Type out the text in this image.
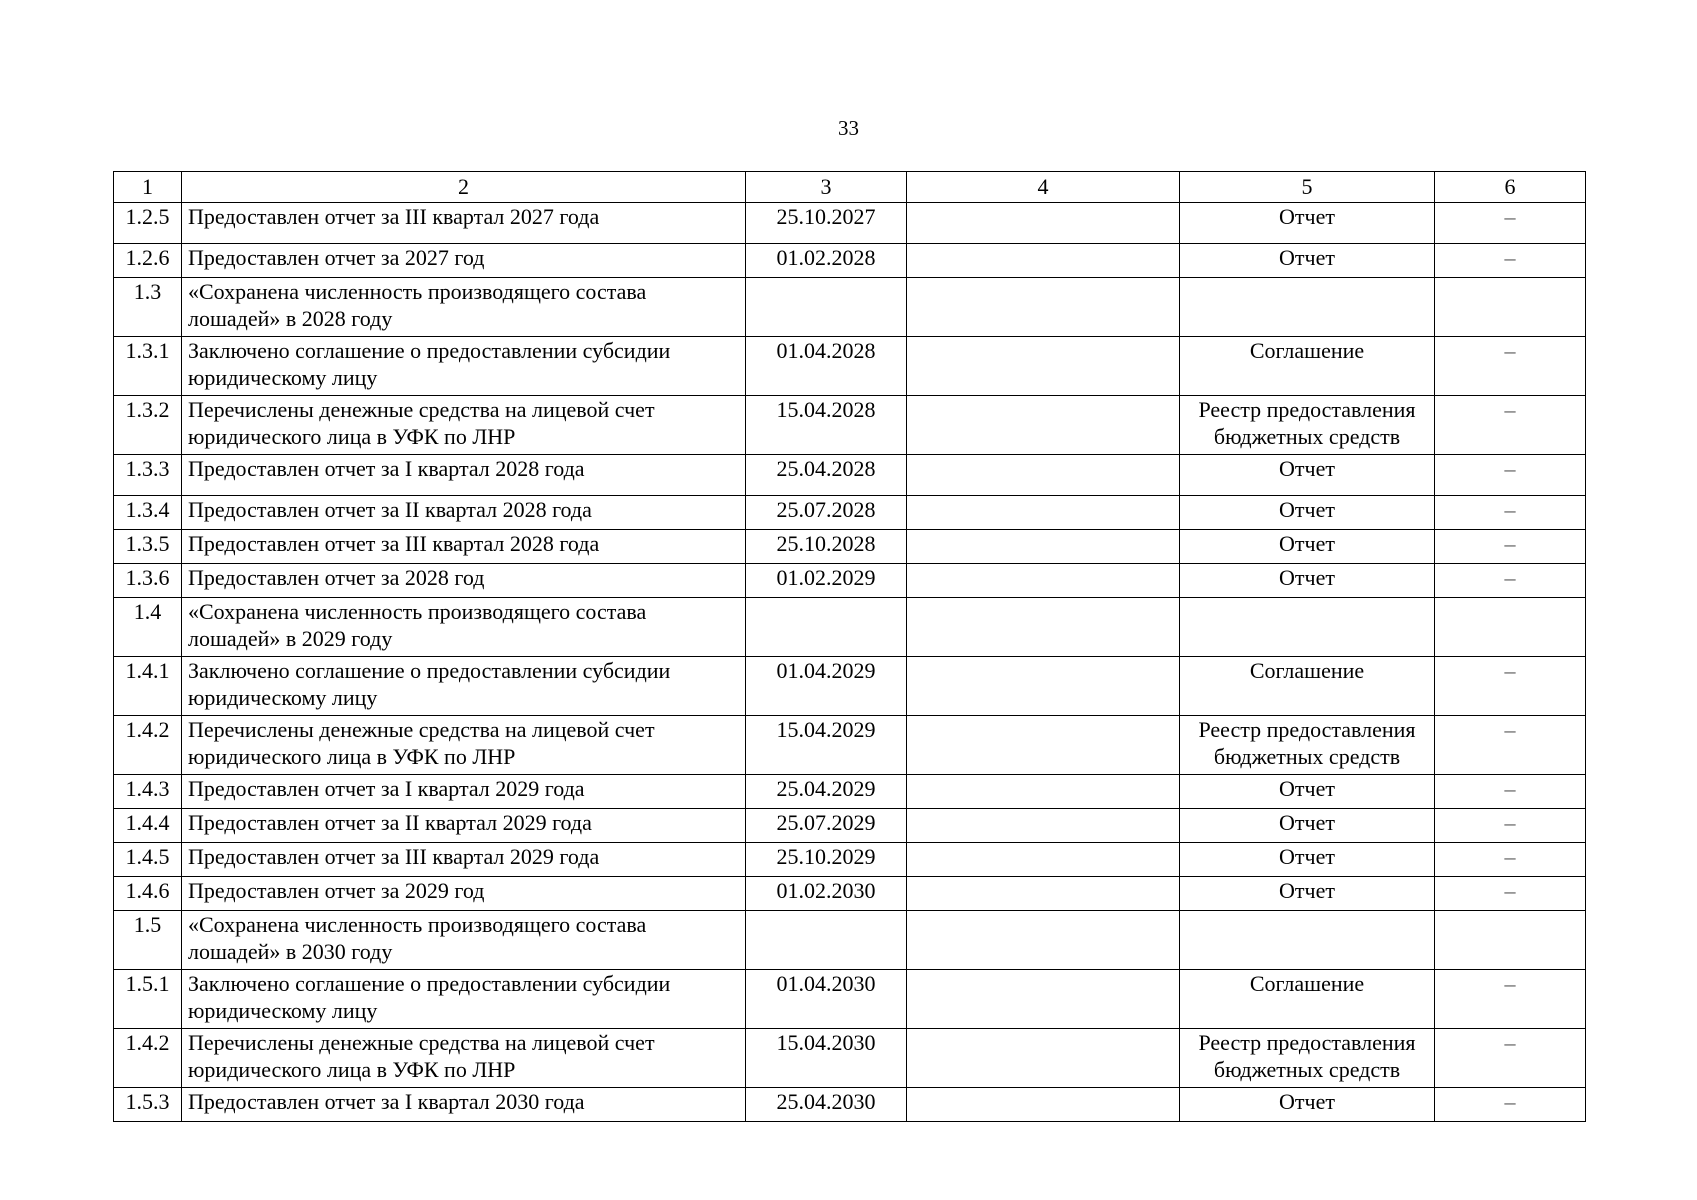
33
1	2	3	4	5	6
1.2.5	Предоставлен отчет за III квартал 2027 года	25.10.2027		Отчет	–
1.2.6	Предоставлен отчет за 2027 год	01.02.2028		Отчет	–
1.3	«Сохранена численность производящего состава лошадей» в 2028 году				
1.3.1	Заключено соглашение о предоставлении субсидии юридическому лицу	01.04.2028		Соглашение	–
1.3.2	Перечислены денежные средства на лицевой счет юридического лица в УФК по ЛНР	15.04.2028		Реестр предоставления бюджетных средств	–
1.3.3	Предоставлен отчет за I квартал 2028 года	25.04.2028		Отчет	–
1.3.4	Предоставлен отчет за II квартал 2028 года	25.07.2028		Отчет	–
1.3.5	Предоставлен отчет за III квартал 2028 года	25.10.2028		Отчет	–
1.3.6	Предоставлен отчет за 2028 год	01.02.2029		Отчет	–
1.4	«Сохранена численность производящего состава лошадей» в 2029 году				
1.4.1	Заключено соглашение о предоставлении субсидии юридическому лицу	01.04.2029		Соглашение	–
1.4.2	Перечислены денежные средства на лицевой счет юридического лица в УФК по ЛНР	15.04.2029		Реестр предоставления бюджетных средств	–
1.4.3	Предоставлен отчет за I квартал 2029 года	25.04.2029		Отчет	–
1.4.4	Предоставлен отчет за II квартал 2029 года	25.07.2029		Отчет	–
1.4.5	Предоставлен отчет за III квартал 2029 года	25.10.2029		Отчет	–
1.4.6	Предоставлен отчет за 2029 год	01.02.2030		Отчет	–
1.5	«Сохранена численность производящего состава лошадей» в 2030 году				
1.5.1	Заключено соглашение о предоставлении субсидии юридическому лицу	01.04.2030		Соглашение	–
1.4.2	Перечислены денежные средства на лицевой счет юридического лица в УФК по ЛНР	15.04.2030		Реестр предоставления бюджетных средств	–
1.5.3	Предоставлен отчет за I квартал 2030 года	25.04.2030		Отчет	–
